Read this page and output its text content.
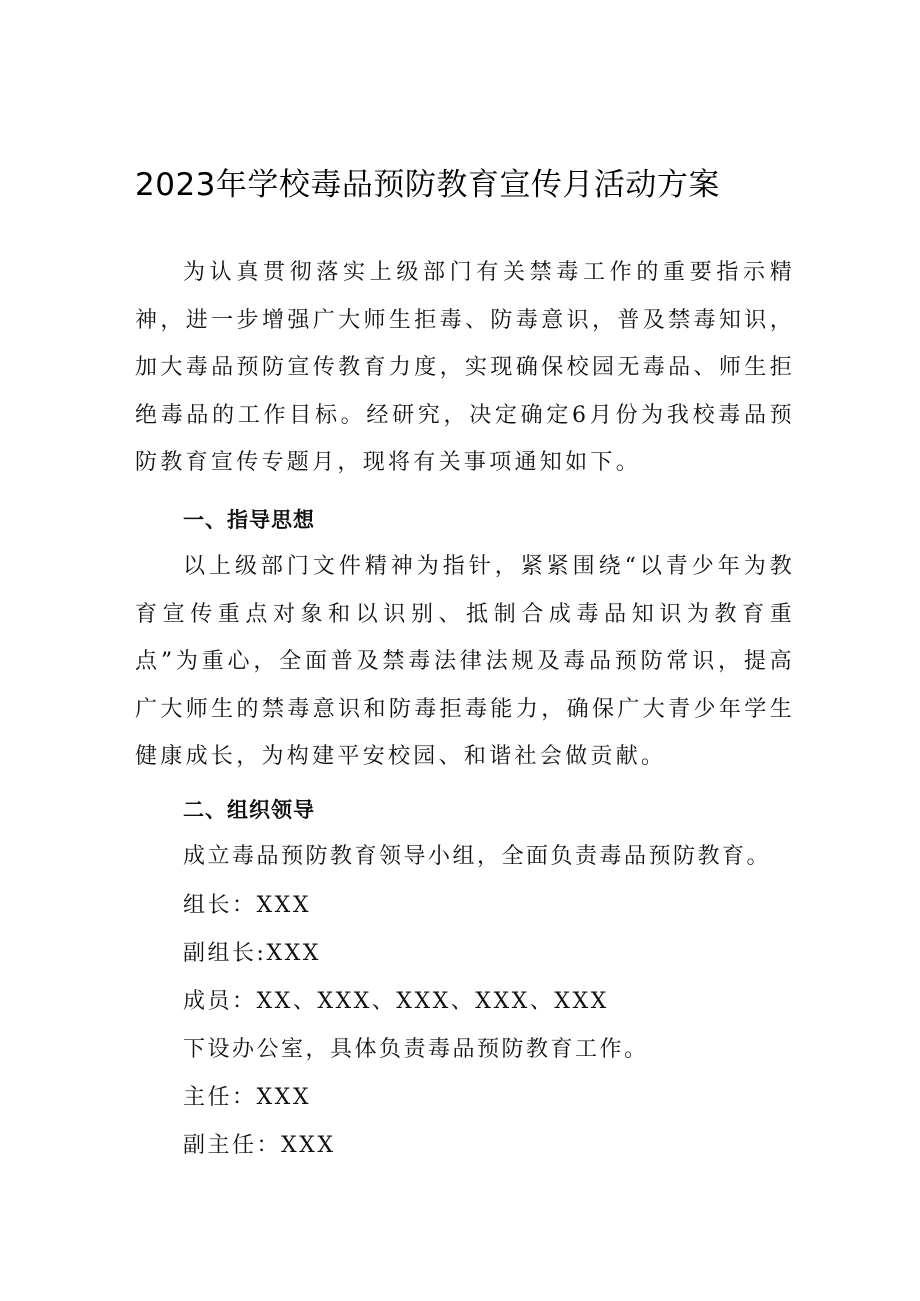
2023年学校毒品预防教育宣传月活动方案

为认真贯彻落实上级部门有关禁毒工作的重要指示精神，进一步增强广大师生拒毒、防毒意识，普及禁毒知识，加大毒品预防宣传教育力度，实现确保校园无毒品、师生拒绝毒品的工作目标。经研究，决定确定6月份为我校毒品预防教育宣传专题月，现将有关事项通知如下。

一、指导思想

以上级部门文件精神为指针，紧紧围绕“以青少年为教育宣传重点对象和以识别、抵制合成毒品知识为教育重点”为重心，全面普及禁毒法律法规及毒品预防常识，提高广大师生的禁毒意识和防毒拒毒能力，确保广大青少年学生健康成长，为构建平安校园、和谐社会做贡献。

二、组织领导
成立毒品预防教育领导小组，全面负责毒品预防教育。
组长：XXX
副组长:XXX
成员：XX、XXX、XXX、XXX、XXX
下设办公室，具体负责毒品预防教育工作。
主任：XXX
副主任：XXX
